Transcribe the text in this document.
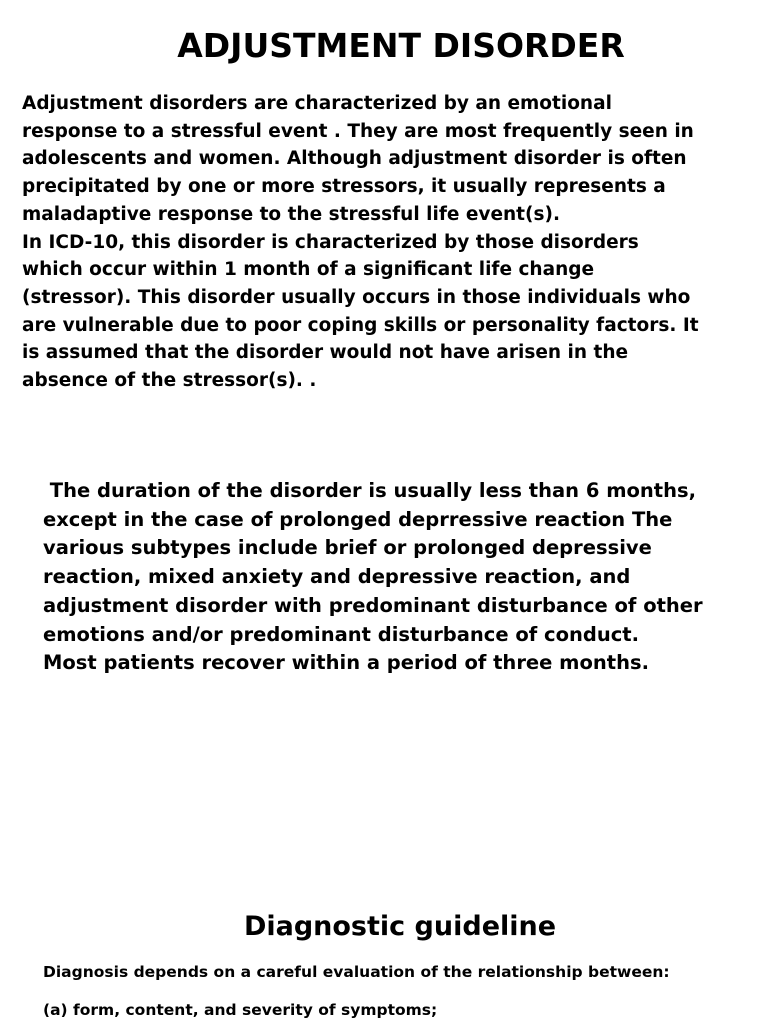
ADJUSTMENT DISORDER

Adjustment disorders are characterized by an emotional
response to a stressful event . They are most frequently seen in
adolescents and women. Although adjustment disorder is often
precipitated by one or more stressors, it usually represents a
maladaptive response to the stressful life event(s).
In ICD-10, this disorder is characterized by those disorders
which occur within 1 month of a significant life change
(stressor). This disorder usually occurs in those individuals who
are vulnerable due to poor coping skills or personality factors. It
is assumed that the disorder would not have arisen in the
absence of the stressor(s). .

The duration of the disorder is usually less than 6 months,
except in the case of prolonged deprressive reaction The
various subtypes include brief or prolonged depressive
reaction, mixed anxiety and depressive reaction, and
adjustment disorder with predominant disturbance of other
emotions and/or predominant disturbance of conduct.
Most patients recover within a period of three months.

Diagnostic guideline

Diagnosis depends on a careful evaluation of the relationship between:

(a) form, content, and severity of symptoms;
